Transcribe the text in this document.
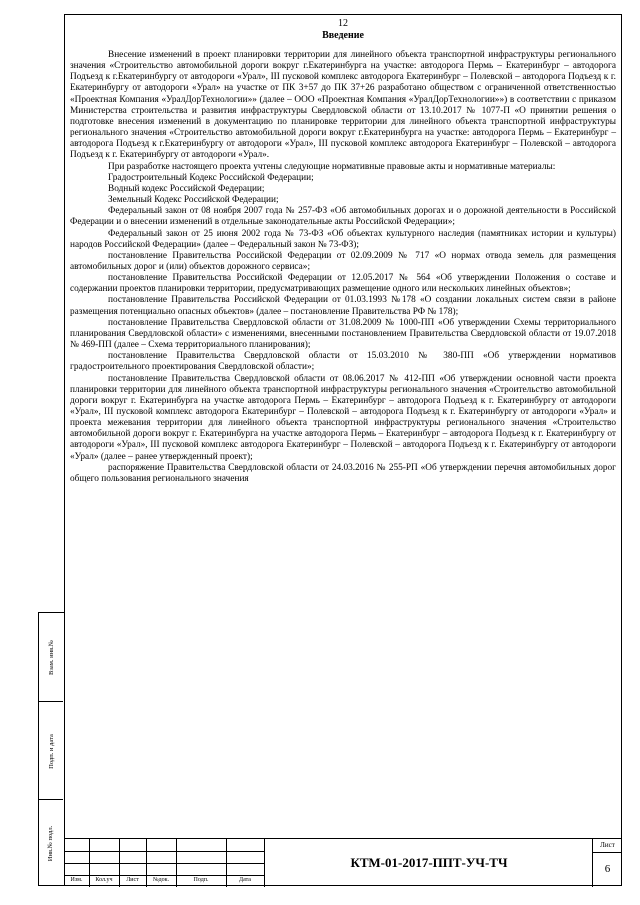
Взам. инв.№
Подп. и дата
Инв.№ подл.
12
Введение

Внесение изменений в проект планировки территории для линейного объекта транспортной инфраструктуры регионального значения «Строительство автомобильной дороги вокруг г.Екатеринбурга на участке: автодорога Пермь – Екатеринбург – автодорога Подъезд к г.Екатеринбургу от автодороги «Урал», III пусковой комплекс автодорога Екатеринбург – Полевской – автодорога Подъезд к г. Екатеринбургу от автодороги «Урал» на участке от ПК 3+57 до ПК 37+26 разработано обществом с ограниченной ответственностью «Проектная Компания «УралДорТехнологии»» (далее – ООО «Проектная Компания «УралДорТехнологии»») в соответствии с приказом Министерства строительства и развития инфраструктуры Свердловской области от 13.10.2017 № 1077-П «О принятии решения о подготовке внесения изменений в документацию по планировке территории для линейного объекта транспортной инфраструктуры регионального значения «Строительство автомобильной дороги вокруг г.Екатеринбурга на участке: автодорога Пермь – Екатеринбург – автодорога Подъезд к г.Екатеринбургу от автодороги «Урал», III пусковой комплекс автодорога Екатеринбург – Полевской – автодорога Подъезд к г. Екатеринбургу от автодороги «Урал».

При разработке настоящего проекта учтены следующие нормативные правовые акты и нормативные материалы:

Градостроительный Кодекс Российской Федерации;

Водный кодекс Российской Федерации;

Земельный Кодекс Российской Федерации;

Федеральный закон от 08 ноября 2007 года № 257-ФЗ «Об автомобильных дорогах и о дорожной деятельности в Российской Федерации и о внесении изменений в отдельные законодательные акты Российской Федерации»;

Федеральный закон от 25 июня 2002 года № 73-ФЗ «Об объектах культурного наследия (памятниках истории и культуры) народов Российской Федерации» (далее – Федеральный закон № 73-ФЗ);

постановление Правительства Российской Федерации от 02.09.2009 № 717 «О нормах отвода земель для размещения автомобильных дорог и (или) объектов дорожного сервиса»;

постановление Правительства Российской Федерации от 12.05.2017 № 564 «Об утверждении Положения о составе и содержании проектов планировки территории, предусматривающих размещение одного или нескольких линейных объектов»;

постановление Правительства Российской Федерации от 01.03.1993 №178 «О создании локальных систем связи в районе размещения потенциально опасных объектов» (далее – постановление Правительства РФ № 178);

постановление Правительства Свердловской области от 31.08.2009 № 1000-ПП «Об утверждении Схемы территориального планирования Свердловской области» с изменениями, внесенными постановлением Правительства Свердловской области от 19.07.2018 № 469-ПП (далее – Схема территориального планирования);

постановление Правительства Свердловской области от 15.03.2010 № 380-ПП «Об утверждении нормативов градостроительного проектирования Свердловской области»;

постановление Правительства Свердловской области от 08.06.2017 № 412-ПП «Об утверждении основной части проекта планировки территории для линейного объекта транспортной инфраструктуры регионального значения «Строительство автомобильной дороги вокруг г. Екатеринбурга на участке автодорога Пермь – Екатеринбург – автодорога Подъезд к г. Екатеринбургу от автодороги «Урал», III пусковой комплекс автодорога Екатеринбург – Полевской – автодорога Подъезд к г. Екатеринбургу от автодороги «Урал» и проекта межевания территории для линейного объекта транспортной инфраструктуры регионального значения «Строительство автомобильной дороги вокруг г. Екатеринбурга на участке автодорога Пермь – Екатеринбург – автодорога Подъезд к г. Екатеринбургу от автодороги «Урал», III пусковой комплекс автодорога Екатеринбург – Полевской – автодорога Подъезд к г. Екатеринбургу от автодороги «Урал» (далее – ранее утвержденный проект);

распоряжение Правительства Свердловской области от 24.03.2016 № 255-РП «Об утверждении перечня автомобильных дорог общего пользования регионального значения

Изм.	Кол.уч	Лист	№док.	Подп.	Дата
КТМ-01-2017-ППТ-УЧ-ТЧ
Лист
6
